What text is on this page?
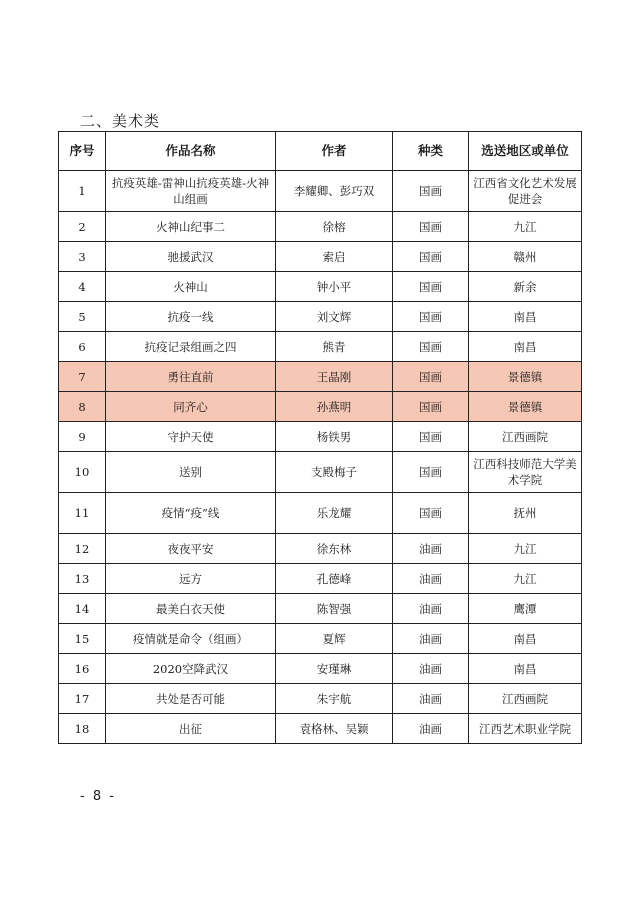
二、美术类
序号	作品名称	作者	种类	选送地区或单位
1	抗疫英雄-雷神山抗疫英雄-火神山组画	李耀卿、彭巧双	国画	江西省文化艺术发展促进会
2	火神山纪事二	徐榕	国画	九江
3	驰援武汉	索启	国画	赣州
4	火神山	钟小平	国画	新余
5	抗疫一线	刘文辉	国画	南昌
6	抗疫记录组画之四	熊青	国画	南昌
7	勇往直前	王晶刚	国画	景德镇
8	同齐心	孙燕明	国画	景德镇
9	守护天使	杨铁男	国画	江西画院
10	送别	支殿梅子	国画	江西科技师范大学美术学院
11	疫情“疫”线	乐龙耀	国画	抚州
12	夜夜平安	徐东林	油画	九江
13	远方	孔德峰	油画	九江
14	最美白衣天使	陈智强	油画	鹰潭
15	疫情就是命令（组画）	夏辉	油画	南昌
16	2020空降武汉	安瑾琳	油画	南昌
17	共处是否可能	朱宇航	油画	江西画院
18	出征	袁格林、吴颖	油画	江西艺术职业学院

- 8 -
